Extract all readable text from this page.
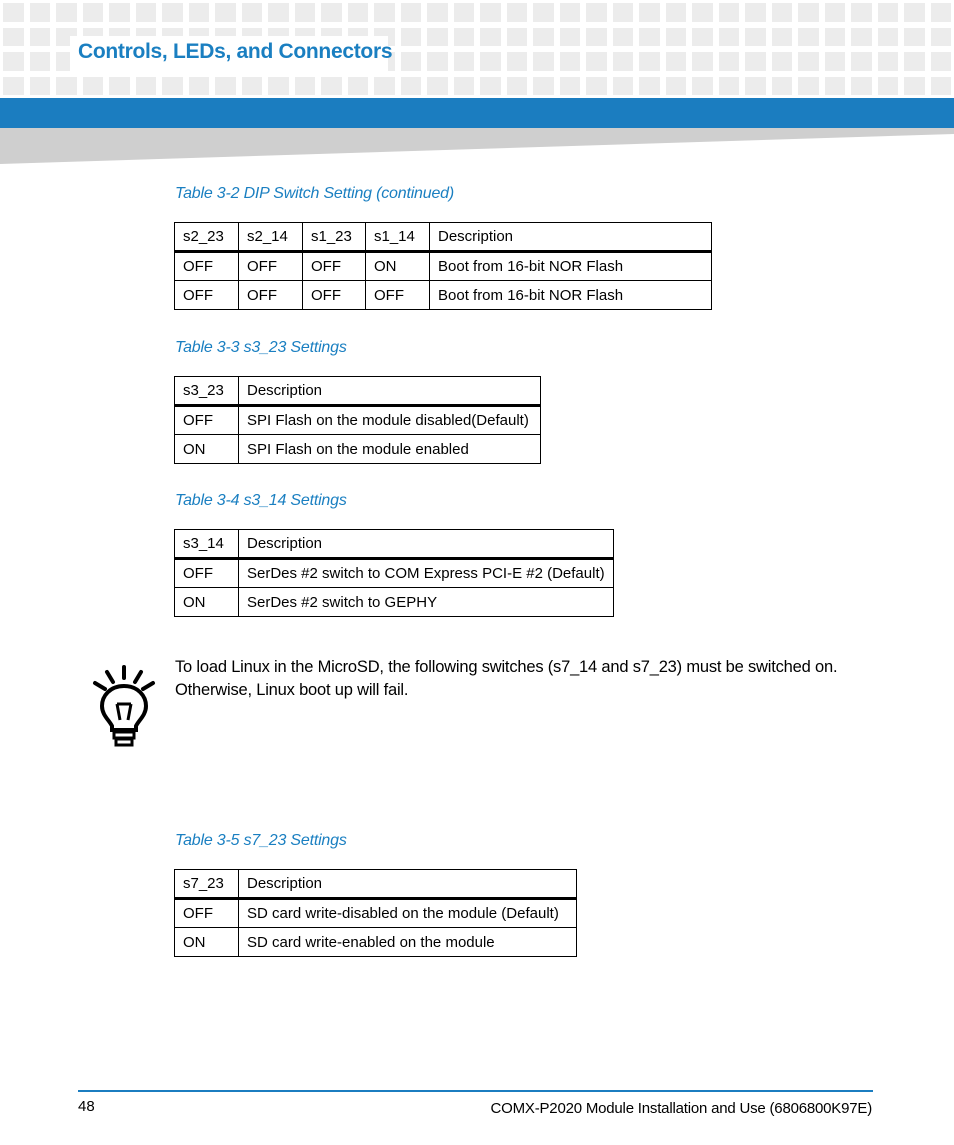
Controls, LEDs, and Connectors
Table 3-2 DIP Switch Setting (continued)
s2_23	s2_14	s1_23	s1_14	Description
OFF	OFF	OFF	ON	Boot from 16-bit NOR Flash
OFF	OFF	OFF	OFF	Boot from 16-bit NOR Flash
Table 3-3 s3_23 Settings
s3_23	Description
OFF	SPI Flash on the module disabled(Default)
ON	SPI Flash on the module enabled
Table 3-4 s3_14 Settings
s3_14	Description
OFF	SerDes #2 switch to COM Express PCI-E #2 (Default)
ON	SerDes #2 switch to GEPHY
To load Linux in the MicroSD, the following switches (s7_14 and s7_23) must be switched on. Otherwise, Linux boot up will fail.
Table 3-5 s7_23 Settings
s7_23	Description
OFF	SD card write-disabled on the module (Default)
ON	SD card write-enabled on the module
48	COMX-P2020 Module Installation and Use (6806800K97E)
